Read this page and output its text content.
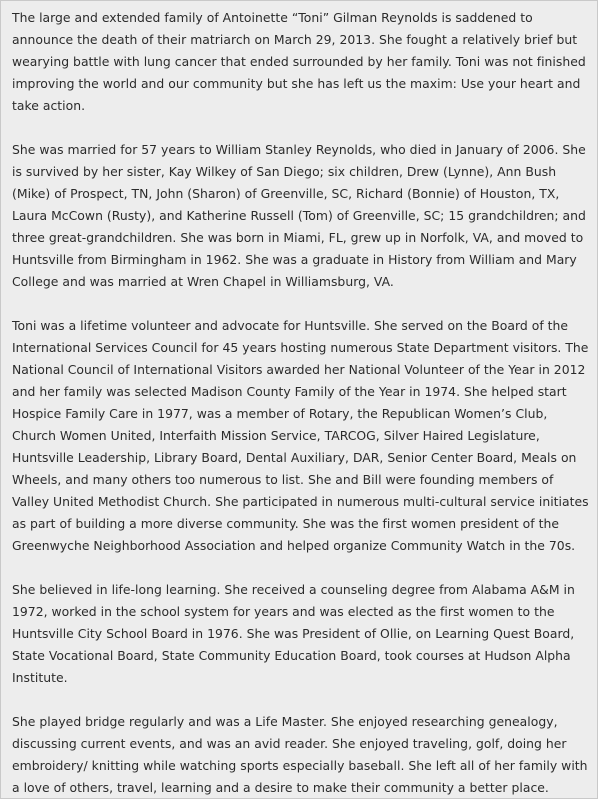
The large and extended family of Antoinette “Toni” Gilman Reynolds is saddened to announce the death of their matriarch on March 29, 2013. She fought a relatively brief but wearying battle with lung cancer that ended surrounded by her family. Toni was not finished improving the world and our community but she has left us the maxim: Use your heart and take action.

She was married for 57 years to William Stanley Reynolds, who died in January of 2006. She is survived by her sister, Kay Wilkey of San Diego; six children, Drew (Lynne), Ann Bush (Mike) of Prospect, TN, John (Sharon) of Greenville, SC, Richard (Bonnie) of Houston, TX, Laura McCown (Rusty), and Katherine Russell (Tom) of Greenville, SC; 15 grandchildren; and three great-grandchildren. She was born in Miami, FL, grew up in Norfolk, VA, and moved to Huntsville from Birmingham in 1962. She was a graduate in History from William and Mary College and was married at Wren Chapel in Williamsburg, VA.

Toni was a lifetime volunteer and advocate for Huntsville. She served on the Board of the International Services Council for 45 years hosting numerous State Department visitors. The National Council of International Visitors awarded her National Volunteer of the Year in 2012 and her family was selected Madison County Family of the Year in 1974. She helped start Hospice Family Care in 1977, was a member of Rotary, the Republican Women’s Club, Church Women United, Interfaith Mission Service, TARCOG, Silver Haired Legislature, Huntsville Leadership, Library Board, Dental Auxiliary, DAR, Senior Center Board, Meals on Wheels, and many others too numerous to list. She and Bill were founding members of Valley United Methodist Church. She participated in numerous multi-cultural service initiates as part of building a more diverse community. She was the first women president of the Greenwyche Neighborhood Association and helped organize Community Watch in the 70s.

She believed in life-long learning. She received a counseling degree from Alabama A&M in 1972, worked in the school system for years and was elected as the first women to the Huntsville City School Board in 1976. She was President of Ollie, on Learning Quest Board, State Vocational Board, State Community Education Board, took courses at Hudson Alpha Institute.

She played bridge regularly and was a Life Master. She enjoyed researching genealogy, discussing current events, and was an avid reader. She enjoyed traveling, golf, doing her embroidery/ knitting while watching sports especially baseball. She left all of her family with a love of others, travel, learning and a desire to make their community a better place.
